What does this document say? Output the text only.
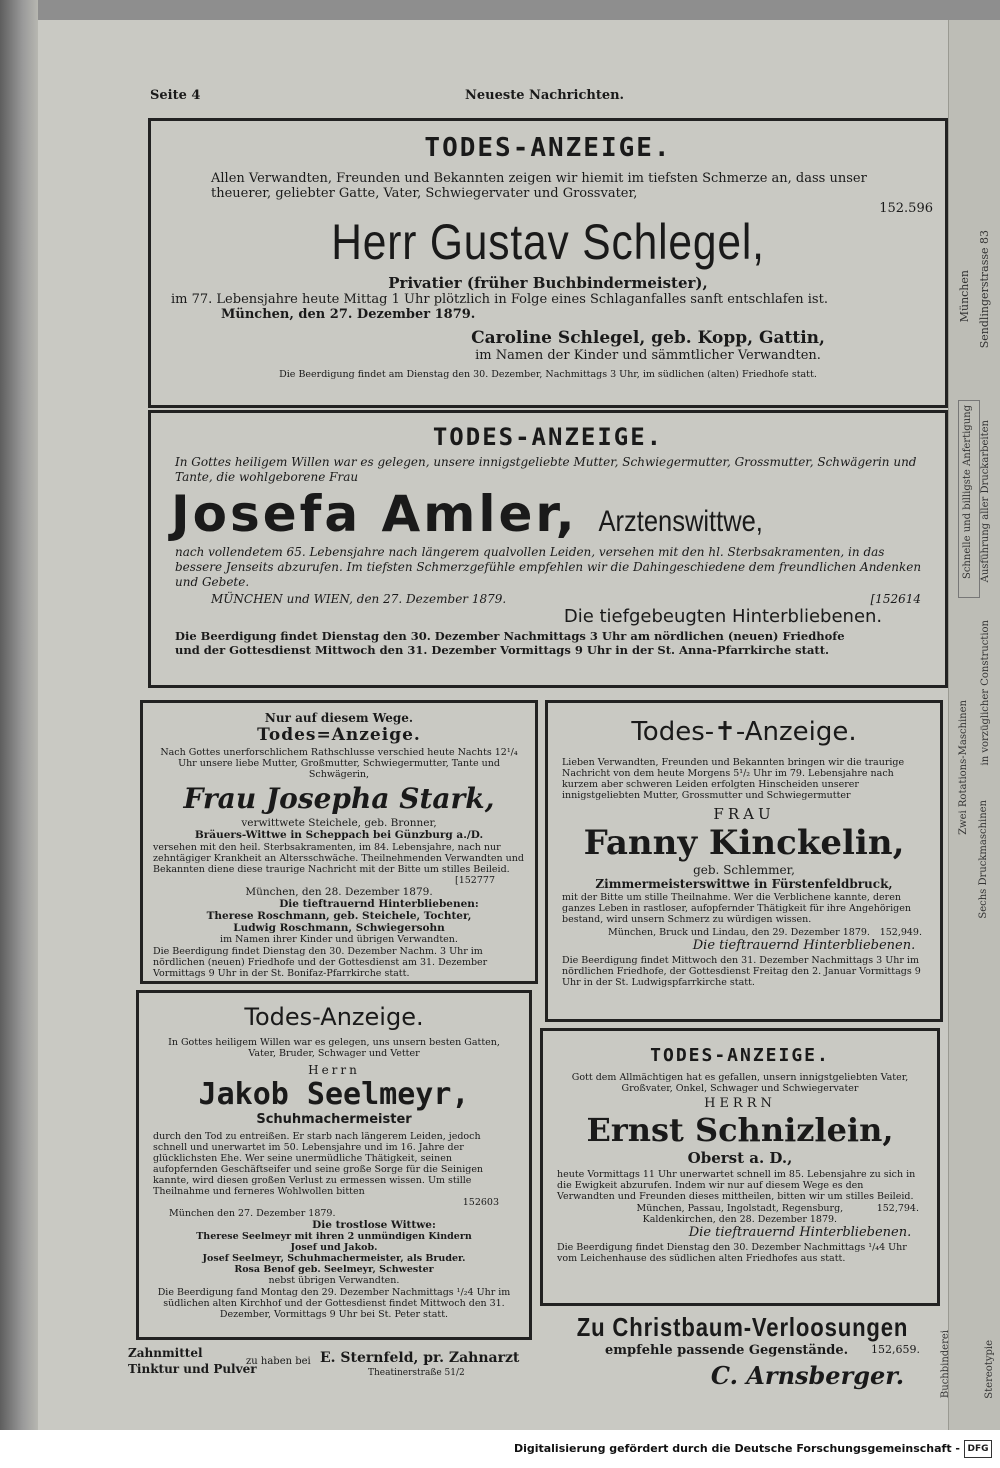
Seite 4	Neueste Nachrichten.

TODES-ANZEIGE.

Allen Verwandten, Freunden und Bekannten zeigen wir hiemit im tiefsten Schmerze an, dass unser theuerer, geliebter Gatte, Vater, Schwiegervater und Grossvater,

152.596

Herr Gustav Schlegel,

Privatier (früher Buchbindermeister),

im 77. Lebensjahre heute Mittag 1 Uhr plötzlich in Folge eines Schlaganfalles sanft entschlafen ist.

München, den 27. Dezember 1879.

Caroline Schlegel, geb. Kopp, Gattin,

im Namen der Kinder und sämmtlicher Verwandten.

Die Beerdigung findet am Dienstag den 30. Dezember, Nachmittags 3 Uhr, im südlichen (alten) Friedhofe statt.

TODES-ANZEIGE.

In Gottes heiligem Willen war es gelegen, unsere innigstgeliebte Mutter, Schwiegermutter, Grossmutter, Schwägerin und Tante, die wohlgeborene Frau

Josefa Amler, Arztenswittwe,

nach vollendetem 65. Lebensjahre nach längerem qualvollen Leiden, versehen mit den hl. Sterbsakramenten, in das bessere Jenseits abzurufen. Im tiefsten Schmerzgefühle empfehlen wir die Dahingeschiedene dem freundlichen Andenken und Gebete.

MÜNCHEN und WIEN, den 27. Dezember 1879.	[152614

Die tiefgebeugten Hinterbliebenen.

Die Beerdigung findet Dienstag den 30. Dezember Nachmittags 3 Uhr am nördlichen (neuen) Friedhofe

und der Gottesdienst Mittwoch den 31. Dezember Vormittags 9 Uhr in der St. Anna-Pfarrkirche statt.

Nur auf diesem Wege.

Todes=Anzeige.

Nach Gottes unerforschlichem Rathschlusse verschied heute Nachts 12¹/₄ Uhr unsere liebe Mutter, Großmutter, Schwiegermutter, Tante und Schwägerin,

Frau Josepha Stark,

verwittwete Steichele, geb. Bronner,

Bräuers-Wittwe in Scheppach bei Günzburg a./D.

versehen mit den heil. Sterbsakramenten, im 84. Lebensjahre, nach nur zehntägiger Krankheit an Altersschwäche. Theilnehmenden Verwandten und Bekannten diene diese traurige Nachricht mit der Bitte um stilles Beileid.

[152777

München, den 28. Dezember 1879.

Die tieftrauernd Hinterbliebenen:

Therese Roschmann, geb. Steichele, Tochter,

Ludwig Roschmann, Schwiegersohn

im Namen ihrer Kinder und übrigen Verwandten.

Die Beerdigung findet Dienstag den 30. Dezember Nachm. 3 Uhr im nördlichen (neuen) Friedhofe und der Gottesdienst am 31. Dezember Vormittags 9 Uhr in der St. Bonifaz-Pfarrkirche statt.

Todes-✝-Anzeige.

Lieben Verwandten, Freunden und Bekannten bringen wir die traurige Nachricht von dem heute Morgens 5¹/₂ Uhr im 79. Lebensjahre nach kurzem aber schweren Leiden erfolgten Hinscheiden unserer innigstgeliebten Mutter, Grossmutter und Schwiegermutter

FRAU

Fanny Kinckelin,

geb. Schlemmer,

Zimmermeisterswittwe in Fürstenfeldbruck,

mit der Bitte um stille Theilnahme. Wer die Verblichene kannte, deren ganzes Leben in rastloser, aufopfernder Thätigkeit für ihre Angehörigen bestand, wird unsern Schmerz zu würdigen wissen.

München, Bruck und Lindau, den 29. Dezember 1879. 152,949.

Die tieftrauernd Hinterbliebenen.

Die Beerdigung findet Mittwoch den 31. Dezember Nachmittags 3 Uhr im nördlichen Friedhofe, der Gottesdienst Freitag den 2. Januar Vormittags 9 Uhr in der St. Ludwigspfarrkirche statt.

Todes-Anzeige.

In Gottes heiligem Willen war es gelegen, uns unsern besten Gatten, Vater, Bruder, Schwager und Vetter

Herrn

Jakob Seelmeyr,

Schuhmachermeister

durch den Tod zu entreißen. Er starb nach längerem Leiden, jedoch schnell und unerwartet im 50. Lebensjahre und im 16. Jahre der glücklichsten Ehe. Wer seine unermüdliche Thätigkeit, seinen aufopfernden Geschäftseifer und seine große Sorge für die Seinigen kannte, wird diesen großen Verlust zu ermessen wissen. Um stille Theilnahme und ferneres Wohlwollen bitten

152603

München den 27. Dezember 1879.

Die trostlose Wittwe:

Therese Seelmeyr mit ihren 2 unmündigen Kindern

Josef und Jakob.

Josef Seelmeyr, Schuhmachermeister, als Bruder.

Rosa Benof geb. Seelmeyr, Schwester

nebst übrigen Verwandten.

Die Beerdigung fand Montag den 29. Dezember Nachmittags ¹/₂4 Uhr im südlichen alten Kirchhof und der Gottesdienst findet Mittwoch den 31. Dezember, Vormittags 9 Uhr bei St. Peter statt.

TODES-ANZEIGE.

Gott dem Allmächtigen hat es gefallen, unsern innigstgeliebten Vater, Großvater, Onkel, Schwager und Schwiegervater

HERRN

Ernst Schnizlein,

Oberst a. D.,

heute Vormittags 11 Uhr unerwartet schnell im 85. Lebensjahre zu sich in die Ewigkeit abzurufen. Indem wir nur auf diesem Wege es den Verwandten und Freunden dieses mittheilen, bitten wir um stilles Beileid.

München, Passau, Ingolstadt, Regensburg, Kaldenkirchen, den 28. Dezember 1879.
152,794.

Die tieftrauernd Hinterbliebenen.

Die Beerdigung findet Dienstag den 30. Dezember Nachmittags ¹/₄4 Uhr vom Leichenhause des südlichen alten Friedhofes aus statt.

Zu Christbaum-Verloosungen

empfehle passende Gegenstände. 152,659.

C. Arnsberger.

Zahnmittel
Tinktur und Pulver
zu haben bei E. Sternfeld, pr. Zahnarzt
Theatinerstraße 51/2
München Sendlingerstrasse 83
Schnelle und billigste Anfertigung Ausführung aller Druckarbeiten
in vorzüglicher Construction
Zwei Rotations-Maschinen
Sechs Druckmaschinen
Buchbinderei	Stereotypie
Digitalisierung gefördert durch die Deutsche Forschungsgemeinschaft - DFG
